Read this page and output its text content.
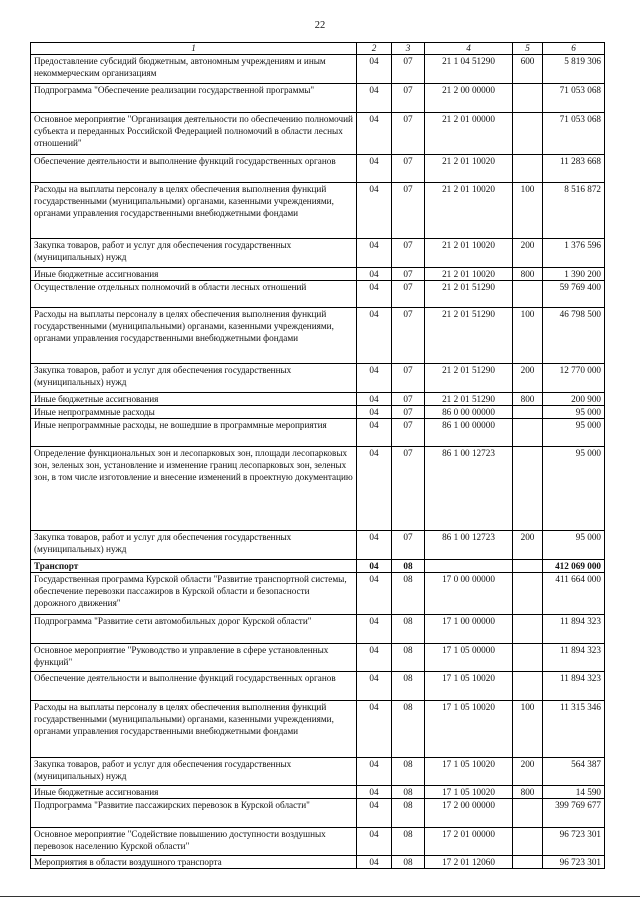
22
1	2	3	4	5	6
Предоставление субсидий бюджетным, автономным учреждениям и иным некоммерческим организациям	04	07	21 1 04 51290	600	5 819 306
Подпрограмма "Обеспечение реализации государственной программы"	04	07	21 2 00 00000		71 053 068
Основное мероприятие "Организация деятельности по обеспечению полномочий субъекта и переданных Российской Федерацией полномочий в области лесных отношений"	04	07	21 2 01 00000		71 053 068
Обеспечение деятельности и выполнение функций государственных органов	04	07	21 2 01 10020		11 283 668
Расходы на выплаты персоналу в целях обеспечения выполнения функций государственными (муниципальными) органами, казенными учреждениями, органами управления государственными внебюджетными фондами	04	07	21 2 01 10020	100	8 516 872
Закупка товаров, работ и услуг для обеспечения государственных (муниципальных) нужд	04	07	21 2 01 10020	200	1 376 596
Иные бюджетные ассигнования	04	07	21 2 01 10020	800	1 390 200
Осуществление отдельных полномочий в области лесных отношений	04	07	21 2 01 51290		59 769 400
Расходы на выплаты персоналу в целях обеспечения выполнения функций государственными (муниципальными) органами, казенными учреждениями, органами управления государственными внебюджетными фондами	04	07	21 2 01 51290	100	46 798 500
Закупка товаров, работ и услуг для обеспечения государственных (муниципальных) нужд	04	07	21 2 01 51290	200	12 770 000
Иные бюджетные ассигнования	04	07	21 2 01 51290	800	200 900
Иные непрограммные расходы	04	07	86 0 00 00000		95 000
Иные непрограммные расходы, не вошедшие в программные мероприятия	04	07	86 1 00 00000		95 000
Определение функциональных зон и лесопарковых зон, площади лесопарковых зон, зеленых зон, установление и изменение границ лесопарковых зон, зеленых зон, в том числе изготовление и внесение изменений в проектную документацию	04	07	86 1 00 12723		95 000
Закупка товаров, работ и услуг для обеспечения государственных (муниципальных) нужд	04	07	86 1 00 12723	200	95 000
Транспорт	04	08			412 069 000
Государственная программа Курской области "Развитие транспортной системы, обеспечение перевозки пассажиров в Курской области и безопасности дорожного движения"	04	08	17 0 00 00000		411 664 000
Подпрограмма "Развитие сети автомобильных дорог Курской области"	04	08	17 1 00 00000		11 894 323
Основное мероприятие "Руководство и управление в сфере установленных функций"	04	08	17 1 05 00000		11 894 323
Обеспечение деятельности и выполнение функций государственных органов	04	08	17 1 05 10020		11 894 323
Расходы на выплаты персоналу в целях обеспечения выполнения функций государственными (муниципальными) органами, казенными учреждениями, органами управления государственными внебюджетными фондами	04	08	17 1 05 10020	100	11 315 346
Закупка товаров, работ и услуг для обеспечения государственных (муниципальных) нужд	04	08	17 1 05 10020	200	564 387
Иные бюджетные ассигнования	04	08	17 1 05 10020	800	14 590
Подпрограмма "Развитие пассажирских перевозок в Курской области"	04	08	17 2 00 00000		399 769 677
Основное мероприятие "Содействие повышению доступности воздушных перевозок населению Курской области"	04	08	17 2 01 00000		96 723 301
Мероприятия в области воздушного транспорта	04	08	17 2 01 12060		96 723 301
